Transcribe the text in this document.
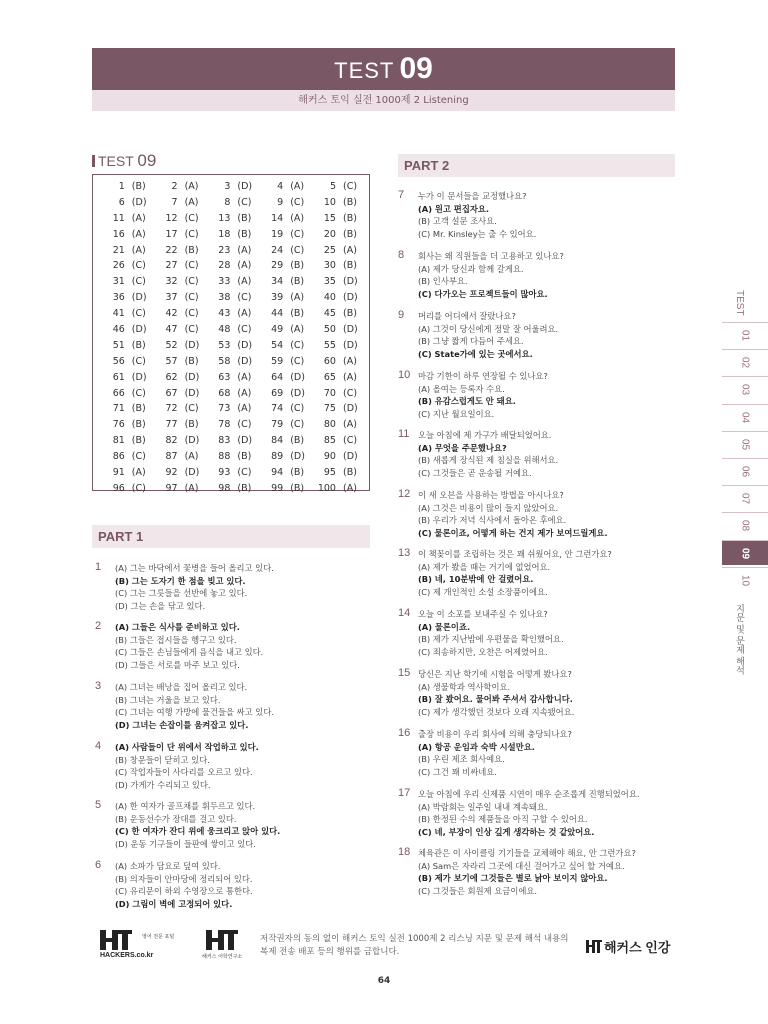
TEST 09
해커스 토익 실전 1000제 2 Listening
TEST 09
1 (B)	2 (A)	3 (D)	4 (A)	5 (C)
6 (D)	7 (A)	8 (C)	9 (C)	10 (B)
11 (A)	12 (C)	13 (B)	14 (A)	15 (B)
16 (A)	17 (C)	18 (B)	19 (C)	20 (B)
21 (A)	22 (B)	23 (A)	24 (C)	25 (A)
26 (C)	27 (C)	28 (A)	29 (B)	30 (B)
31 (C)	32 (C)	33 (A)	34 (B)	35 (D)
36 (D)	37 (C)	38 (C)	39 (A)	40 (D)
41 (C)	42 (C)	43 (A)	44 (B)	45 (B)
46 (D)	47 (C)	48 (C)	49 (A)	50 (D)
51 (B)	52 (D)	53 (D)	54 (C)	55 (D)
56 (C)	57 (B)	58 (D)	59 (C)	60 (A)
61 (D)	62 (D)	63 (A)	64 (D)	65 (A)
66 (C)	67 (D)	68 (A)	69 (D)	70 (C)
71 (B)	72 (C)	73 (A)	74 (C)	75 (D)
76 (B)	77 (B)	78 (C)	79 (C)	80 (A)
81 (B)	82 (D)	83 (D)	84 (B)	85 (C)
86 (C)	87 (A)	88 (B)	89 (D)	90 (D)
91 (A)	92 (D)	93 (C)	94 (B)	95 (B)
96 (C)	97 (A)	98 (B)	99 (B)	100 (A)
PART 1
1 (A) 그는 바닥에서 꽃병을 들어 올리고 있다.
(B) 그는 도자기 한 점을 빚고 있다.
(C) 그는 그릇들을 선반에 놓고 있다.
(D) 그는 손을 닦고 있다.
2 (A) 그들은 식사를 준비하고 있다.
(B) 그들은 접시들을 헹구고 있다.
(C) 그들은 손님들에게 음식을 내고 있다.
(D) 그들은 서로를 마주 보고 있다.
3 (A) 그녀는 배낭을 집어 올리고 있다.
(B) 그녀는 거울을 보고 있다.
(C) 그녀는 여행 가방에 물건들을 싸고 있다.
(D) 그녀는 손잡이를 움켜잡고 있다.
4 (A) 사람들이 단 위에서 작업하고 있다.
(B) 창문들이 닫히고 있다.
(C) 작업자들이 사다리를 오르고 있다.
(D) 가게가 수리되고 있다.
5 (A) 한 여자가 골프채를 휘두르고 있다.
(B) 운동선수가 장대를 걸고 있다.
(C) 한 여자가 잔디 위에 웅크리고 앉아 있다.
(D) 운동 기구들이 들판에 쌓이고 있다.
6 (A) 소파가 담요로 덮여 있다.
(B) 의자들이 안마당에 정리되어 있다.
(C) 유리문이 하외 수영장으로 통한다.
(D) 그림이 벽에 고정되어 있다.
PART 2
7 누가 이 문서들을 교정했나요?
(A) 원고 편집자요.
(B) 고객 설문 조사요.
(C) Mr. Kinsley는 출 수 있어요.
8 회사는 왜 직원들을 더 고용하고 있나요?
(A) 제가 당신과 함께 갈게요.
(B) 인사부요.
(C) 다가오는 프로젝트들이 많아요.
9 머리를 어디에서 잘랐나요?
(A) 그것이 당신에게 정말 잘 어울려요.
(B) 그냥 짧게 다듬어 주세요.
(C) State가에 있는 곳에서요.
10 마감 기한이 하루 연장될 수 있나요?
(A) 올여는 등록자 수요.
(B) 유감스럽게도 안 돼요.
(C) 지난 월요일이요.
11 오늘 아침에 제 가구가 배달되었어요.
(A) 무엇을 주문했나요?
(B) 새롭게 장식된 제 침실을 위해서요.
(C) 그것들은 곧 운송될 거예요.
12 이 새 오븐을 사용하는 방법을 아시나요?
(A) 그것은 비용이 많이 들지 않았어요.
(B) 우리가 저녁 식사에서 돌아온 후에요.
(C) 물론이죠, 어떻게 하는 건지 제가 보여드릴게요.
13 이 책꽂이를 조립하는 것은 꽤 쉬웠어요, 안 그런가요?
(A) 제가 봤을 때는 거기에 없었어요.
(B) 네, 10분밖에 안 걸렸어요.
(C) 제 개인적인 소설 소장품이에요.
14 오늘 이 소포를 보내주실 수 있나요?
(A) 물론이죠.
(B) 제가 지난밤에 우편물을 확인했어요.
(C) 죄송하지만, 오찬은 어제였어요.
15 당신은 지난 학기에 시험을 어떻게 봤나요?
(A) 생물학과 역사학이요.
(B) 잘 봤어요. 물어봐 주셔서 감사합니다.
(C) 제가 생각했던 것보다 오래 지속됐어요.
16 출장 비용이 우리 회사에 의해 충당되나요?
(A) 항공 운임과 숙박 시설만요.
(B) 우린 제조 회사예요.
(C) 그건 꽤 비싸네요.
17 오늘 아침에 우리 신제품 시연이 매우 순조롭게 진행되었어요.
(A) 박람회는 일주일 내내 계속돼요.
(B) 한정된 수의 제품들을 아직 구할 수 있어요.
(C) 네, 부장이 인상 깊게 생각하는 것 같았어요.
18 체육관은 이 사이클링 기기들을 교체해야 해요, 안 그런가요?
(A) Sam은 자라리 그곳에 대신 걸어가고 싶어 할 거예요.
(B) 제가 보기에 그것들은 별로 낡아 보이지 않아요.
(C) 그것들은 회원제 요금이에요.
TEST
01
02
03
04
05
06
07
08
09
10
지문 및 문제 해석
영어 전문 포털
HACKERS.co.kr	해커스 어학연구소
저작권자의 동의 없이 해커스 토익 실전 1000제 2 리스닝 지문 및 문제 해석 내용의
복제 전송 배포 등의 행위를 금합니다.	해커스 인강
64
